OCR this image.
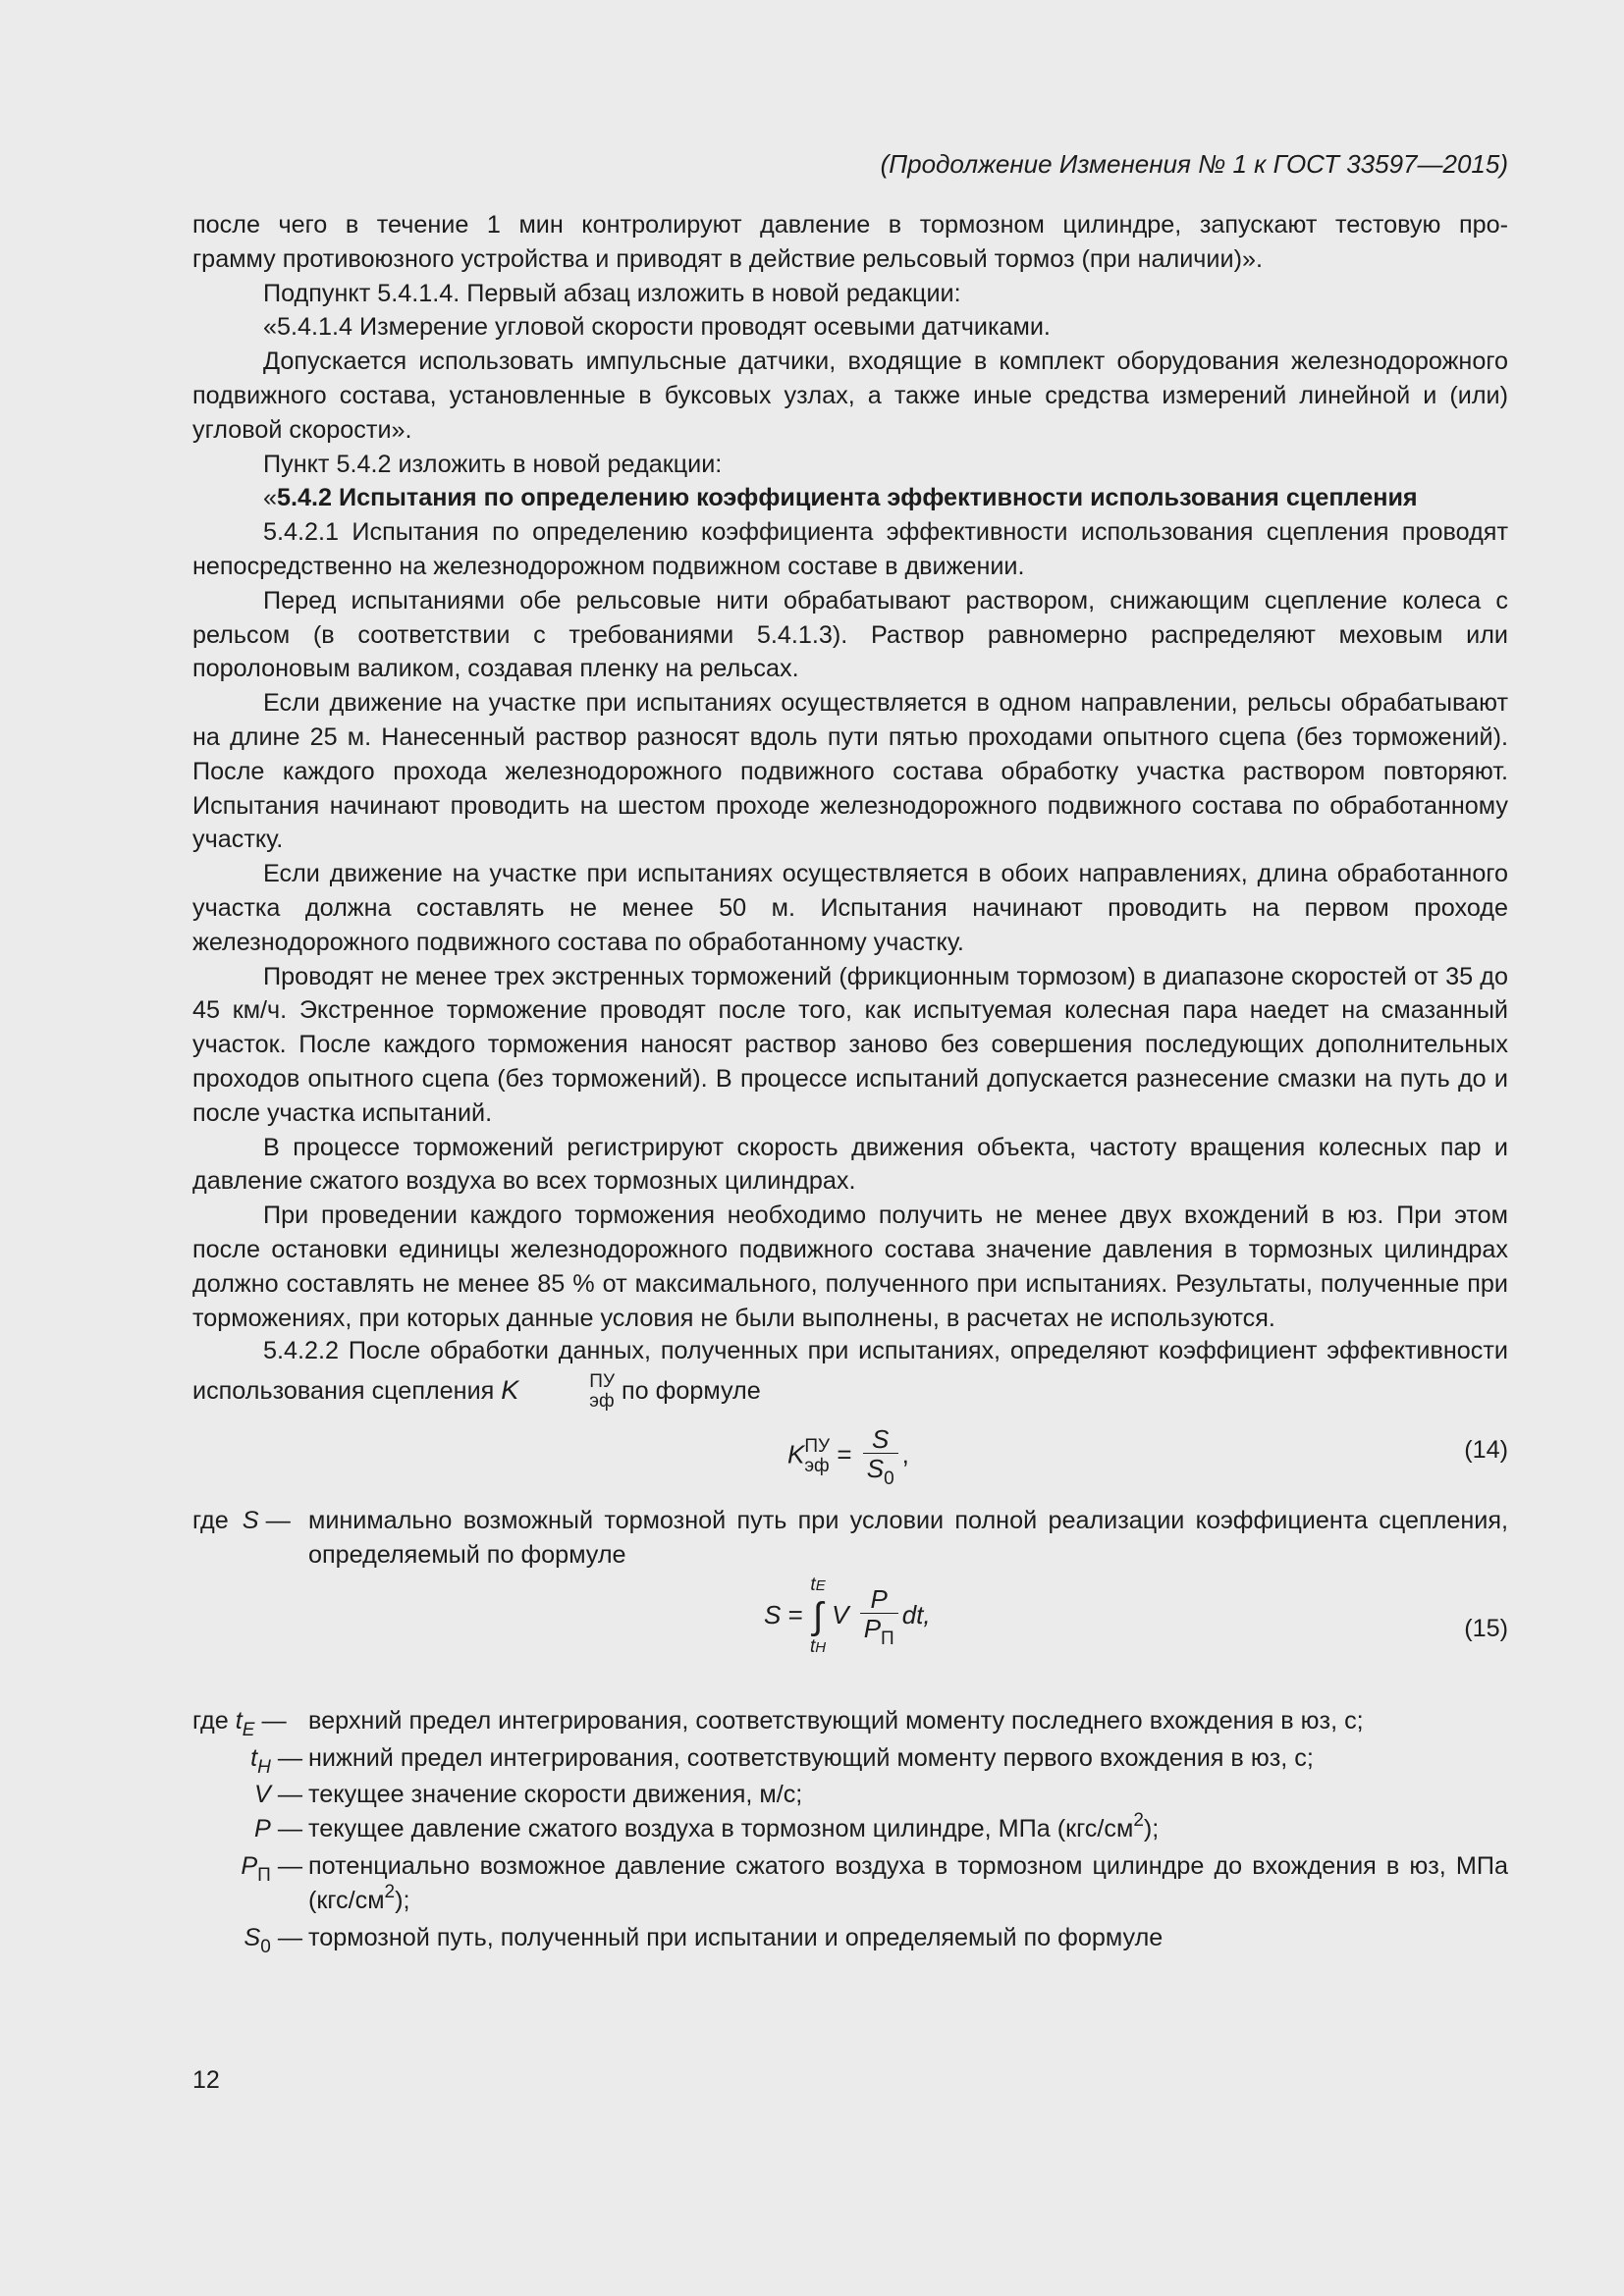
(Продолжение Изменения № 1 к ГОСТ 33597—2015)

после чего в течение 1 мин контролируют давление в тормозном цилиндре, запускают тестовую про-
грамму противоюзного устройства и приводят в действие рельсовый тормоз (при наличии)».

Подпункт 5.4.1.4. Первый абзац изложить в новой редакции:

«5.4.1.4 Измерение угловой скорости проводят осевыми датчиками.

Допускается использовать импульсные датчики, входящие в комплект оборудования железнодорожного подвижного состава, установленные в буксовых узлах, а также иные средства измерений линейной и (или) угловой скорости».

Пункт 5.4.2 изложить в новой редакции:

«5.4.2 Испытания по определению коэффициента эффективности использования сцепления

5.4.2.1 Испытания по определению коэффициента эффективности использования сцепления проводят непосредственно на железнодорожном подвижном составе в движении.

Перед испытаниями обе рельсовые нити обрабатывают раствором, снижающим сцепление колеса с рельсом (в соответствии с требованиями 5.4.1.3). Раствор равномерно распределяют меховым или поролоновым валиком, создавая пленку на рельсах.

Если движение на участке при испытаниях осуществляется в одном направлении, рельсы обрабатывают на длине 25 м. Нанесенный раствор разносят вдоль пути пятью проходами опытного сцепа (без торможений). После каждого прохода железнодорожного подвижного состава обработку участка раствором повторяют. Испытания начинают проводить на шестом проходе железнодорожного подвижного состава по обработанному участку.

Если движение на участке при испытаниях осуществляется в обоих направлениях, длина обработанного участка должна составлять не менее 50 м. Испытания начинают проводить на первом проходе железнодорожного подвижного состава по обработанному участку.

Проводят не менее трех экстренных торможений (фрикционным тормозом) в диапазоне скоростей от 35 до 45 км/ч. Экстренное торможение проводят после того, как испытуемая колесная пара наедет на смазанный участок. После каждого торможения наносят раствор заново без совершения последующих дополнительных проходов опытного сцепа (без торможений). В процессе испытаний допускается разнесение смазки на путь до и после участка испытаний.

В процессе торможений регистрируют скорость движения объекта, частоту вращения колесных пар и давление сжатого воздуха во всех тормозных цилиндрах.

При проведении каждого торможения необходимо получить не менее двух вхождений в юз. При этом после остановки единицы железнодорожного подвижного состава значение давления в тормозных цилиндрах должно составлять не менее 85 % от максимального, полученного при испытаниях. Результаты, полученные при торможениях, при которых данные условия не были выполнены, в расчетах не используются.

5.4.2.2 После обработки данных, полученных при испытаниях, определяют коэффициент эффективности использования сцепления K	ПУ
эф по формуле

K ПУ
эф = $\frac{S}{S_0}$ ,	(14)
где S — минимально возможный тормозной путь при условии полной реализации коэффициента сцепления, определяемый по формуле
S =
tE
∫
tH
V $\frac{P}{P_П}$ dt,	(15)
где $t_E$ — верхний предел интегрирования, соответствующий моменту последнего вхождения в юз, с;
$t_H$ — нижний предел интегрирования, соответствующий моменту первого вхождения в юз, с;
V — текущее значение скорости движения, м/с;
P — текущее давление сжатого воздуха в тормозном цилиндре, МПа $(кгс/см^2)$;
$P_П$ — потенциально возможное давление сжатого воздуха в тормозном цилиндре до вхождения в юз, МПа $(кгс/см^2)$;
$S_0$ — тормозной путь, полученный при испытании и определяемый по формуле
12
